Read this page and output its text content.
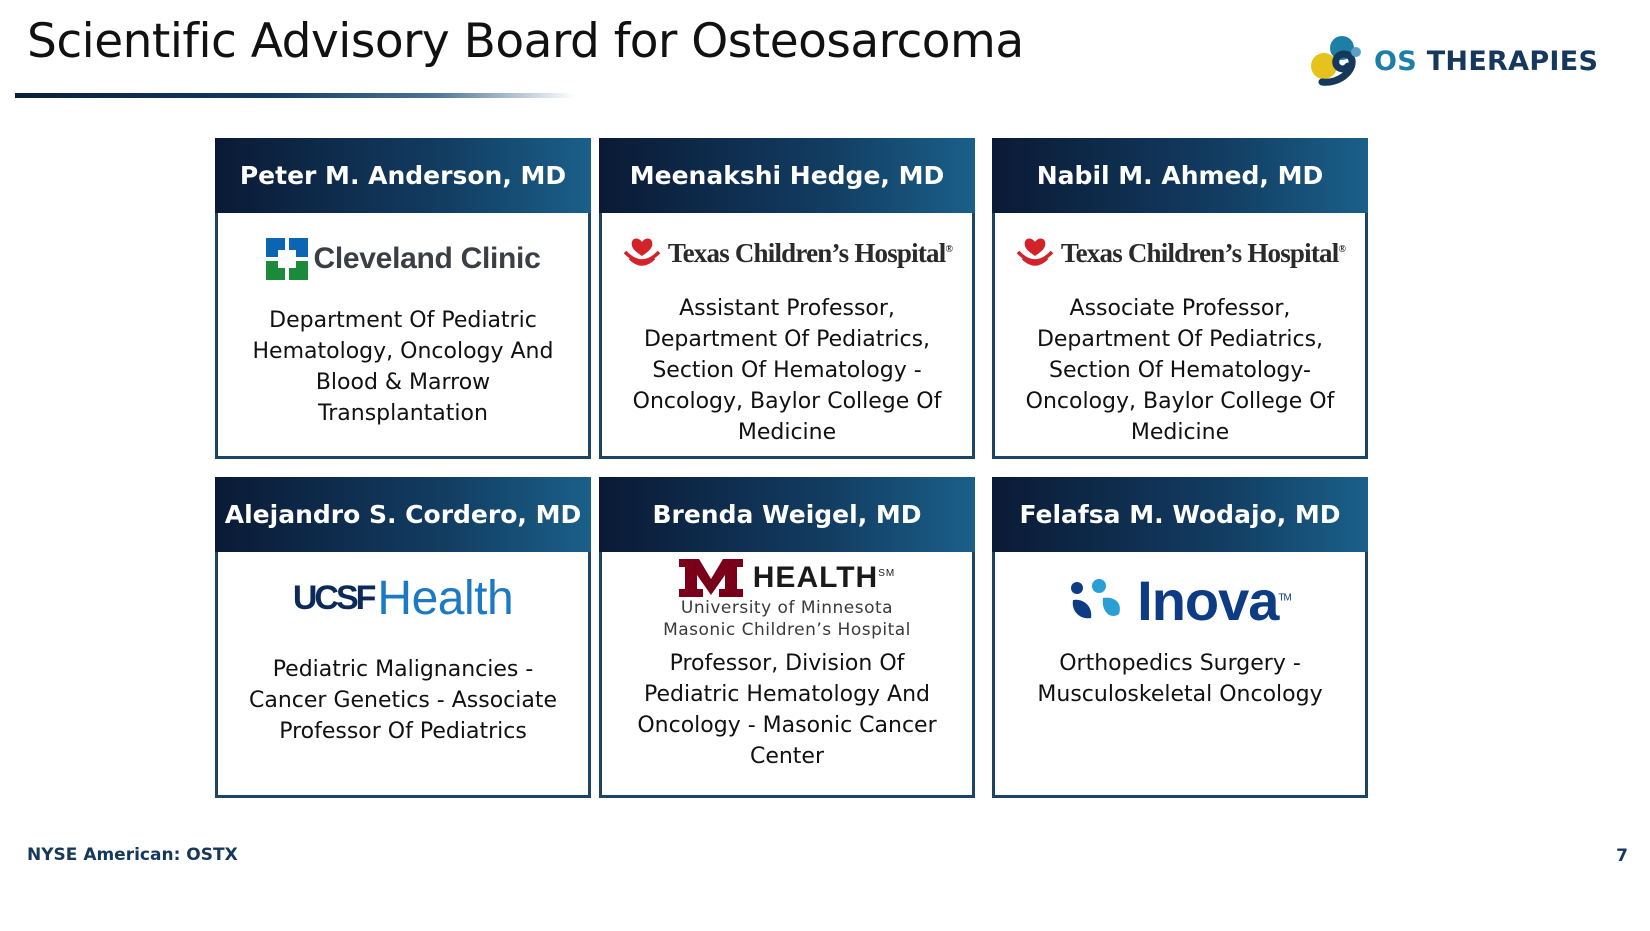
Scientific Advisory Board for Osteosarcoma	OS THERAPIES
Peter M. Anderson, MD
Cleveland Clinic
Department Of Pediatric Hematology, Oncology And Blood & Marrow Transplantation
Meenakshi Hedge, MD
Texas Children’s Hospital®
Assistant Professor, Department Of Pediatrics, Section Of Hematology - Oncology, Baylor College Of Medicine
Nabil M. Ahmed, MD
Texas Children’s Hospital®
Associate Professor, Department Of Pediatrics, Section Of Hematology- Oncology, Baylor College Of Medicine
Alejandro S. Cordero, MD
UCSF Health
Pediatric Malignancies - Cancer Genetics - Associate Professor Of Pediatrics
Brenda Weigel, MD
HEALTH℠
University of Minnesota
Masonic Children’s Hospital
Professor, Division Of Pediatric Hematology And Oncology - Masonic Cancer Center
Felafsa M. Wodajo, MD
Inova™
Orthopedics Surgery - Musculoskeletal Oncology
NYSE American: OSTX	7
